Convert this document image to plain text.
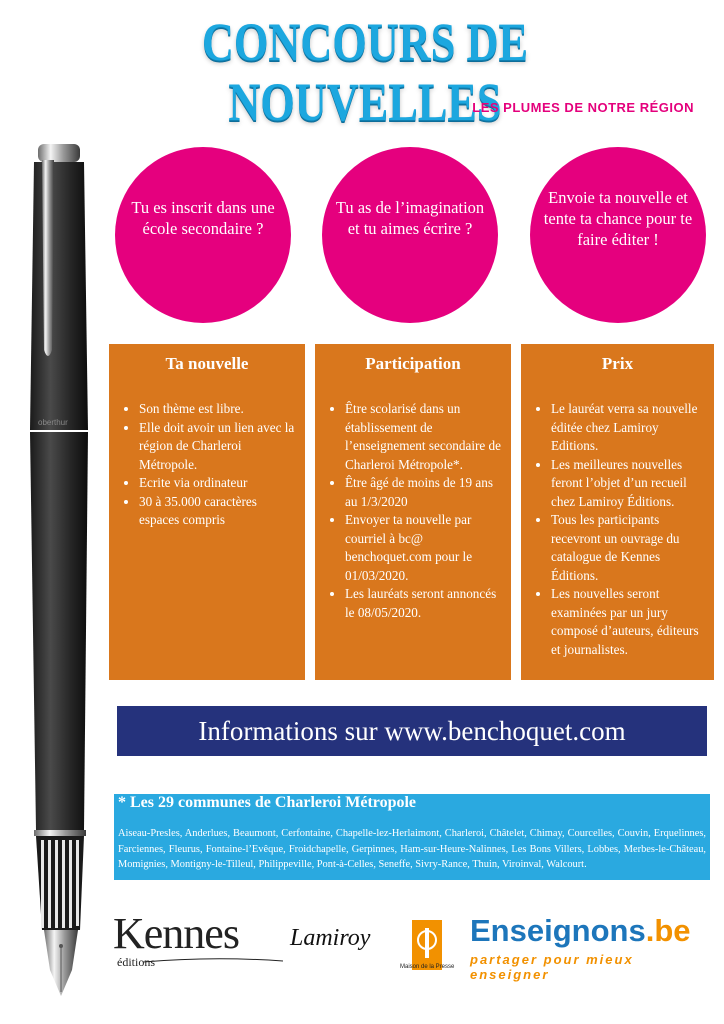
CONCOURS DE NOUVELLES
LES PLUMES DE NOTRE RÉGION
oberthur
Tu es inscrit dans une école secondaire ?
Tu as de l’imagination et tu aimes écrire ?
Envoie ta nouvelle et tente ta chance pour te faire éditer !
Ta nouvelle
• Son thème est libre.
• Elle doit avoir un lien avec la région de Charleroi Métropole.
• Ecrite via ordinateur
• 30 à 35.000 caractères espaces compris
Participation
• Être scolarisé dans un établissement de l’enseignement secondaire de Charleroi Métropole*.
• Être âgé de moins de 19 ans au 1/3/2020
• Envoyer ta nouvelle par courriel à bc@ benchoquet.com pour le 01/03/2020.
• Les lauréats seront annoncés le 08/05/2020.
Prix
• Le lauréat verra sa nouvelle éditée chez Lamiroy Editions.
• Les meilleures nouvelles feront l’objet d’un recueil chez Lamiroy Éditions.
• Tous les participants recevront un ouvrage du catalogue de Kennes Éditions.
• Les nouvelles seront examinées par un jury composé d’auteurs, éditeurs et journalistes.
Informations sur www.benchoquet.com
* Les 29 communes de Charleroi Métropole
Aiseau-Presles, Anderlues, Beaumont, Cerfontaine, Chapelle-lez-Herlaimont, Charleroi, Châtelet, Chimay, Courcelles, Couvin, Erquelinnes, Farciennes, Fleurus, Fontaine-l’Evêque, Froidchapelle, Gerpinnes, Ham-sur-Heure-Nalinnes, Les Bons Villers, Lobbes, Merbes-le-Château, Momignies, Montigny-le-Tilleul, Philippeville, Pont-à-Celles, Seneffe, Sivry-Rance, Thuin, Viroinval, Walcourt.
Kennes
éditions
Lamiroy
Maison de la Presse
Enseignons.be
partager pour mieux enseigner
